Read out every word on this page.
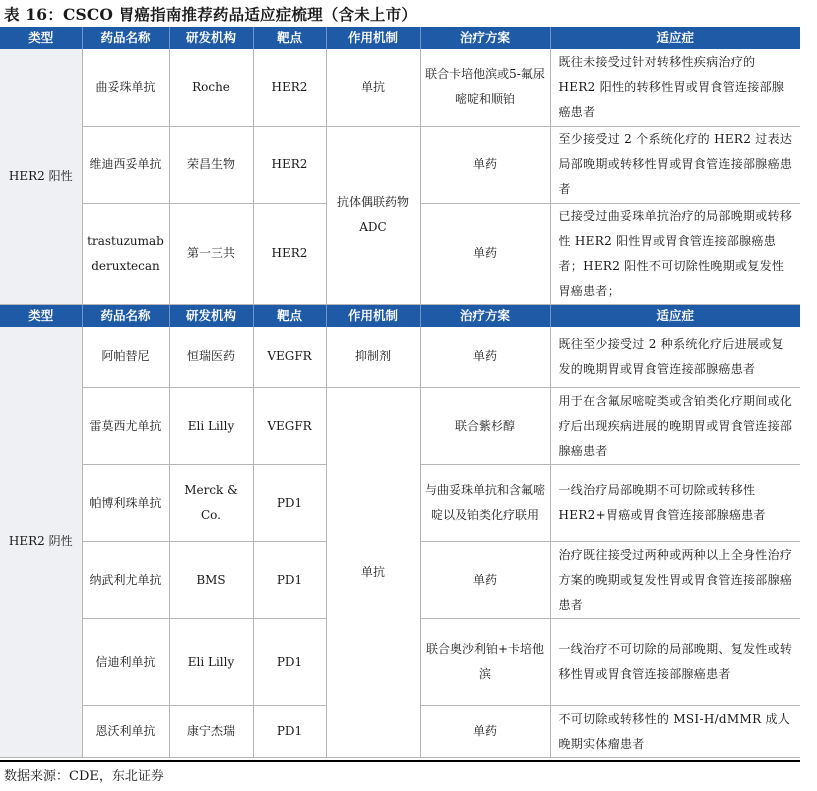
表 16：CSCO 胃癌指南推荐药品适应症梳理（含未上市）
类型	药品名称	研发机构	靶点	作用机制	治疗方案	适应症
HER2 阳性	曲妥珠单抗	Roche	HER2	单抗	联合卡培他滨或5-氟尿嘧啶和顺铂	既往未接受过针对转移性疾病治疗的 HER2 阳性的转移性胃或胃食管连接部腺癌患者
	维迪西妥单抗	荣昌生物	HER2	抗体偶联药物ADC	单药	至少接受过 2 个系统化疗的 HER2 过表达局部晚期或转移性胃或胃食管连接部腺癌患者
	trastuzumab deruxtecan	第一三共	HER2		单药	已接受过曲妥珠单抗治疗的局部晚期或转移性 HER2 阳性胃或胃食管连接部腺癌患者；HER2 阳性不可切除性晚期或复发性胃癌患者；
类型	药品名称	研发机构	靶点	作用机制	治疗方案	适应症
HER2 阴性	阿帕替尼	恒瑞医药	VEGFR	抑制剂	单药	既往至少接受过 2 种系统化疗后进展或复发的晚期胃或胃食管连接部腺癌患者
	雷莫西尤单抗	Eli Lilly	VEGFR	单抗	联合紫杉醇	用于在含氟尿嘧啶类或含铂类化疗期间或化疗后出现疾病进展的晚期胃或胃食管连接部腺癌患者
	帕博利珠单抗	Merck & Co.	PD1		与曲妥珠单抗和含氟嘧啶以及铂类化疗联用	一线治疗局部晚期不可切除或转移性 HER2+胃癌或胃食管连接部腺癌患者
	纳武利尤单抗	BMS	PD1		单药	治疗既往接受过两种或两种以上全身性治疗方案的晚期或复发性胃或胃食管连接部腺癌患者
	信迪利单抗	Eli Lilly	PD1		联合奥沙利铂+卡培他滨	一线治疗不可切除的局部晚期、复发性或转移性胃或胃食管连接部腺癌患者
	恩沃利单抗	康宁杰瑞	PD1		单药	不可切除或转移性的 MSI-H/dMMR 成人晚期实体瘤患者
数据来源：CDE，东北证券
